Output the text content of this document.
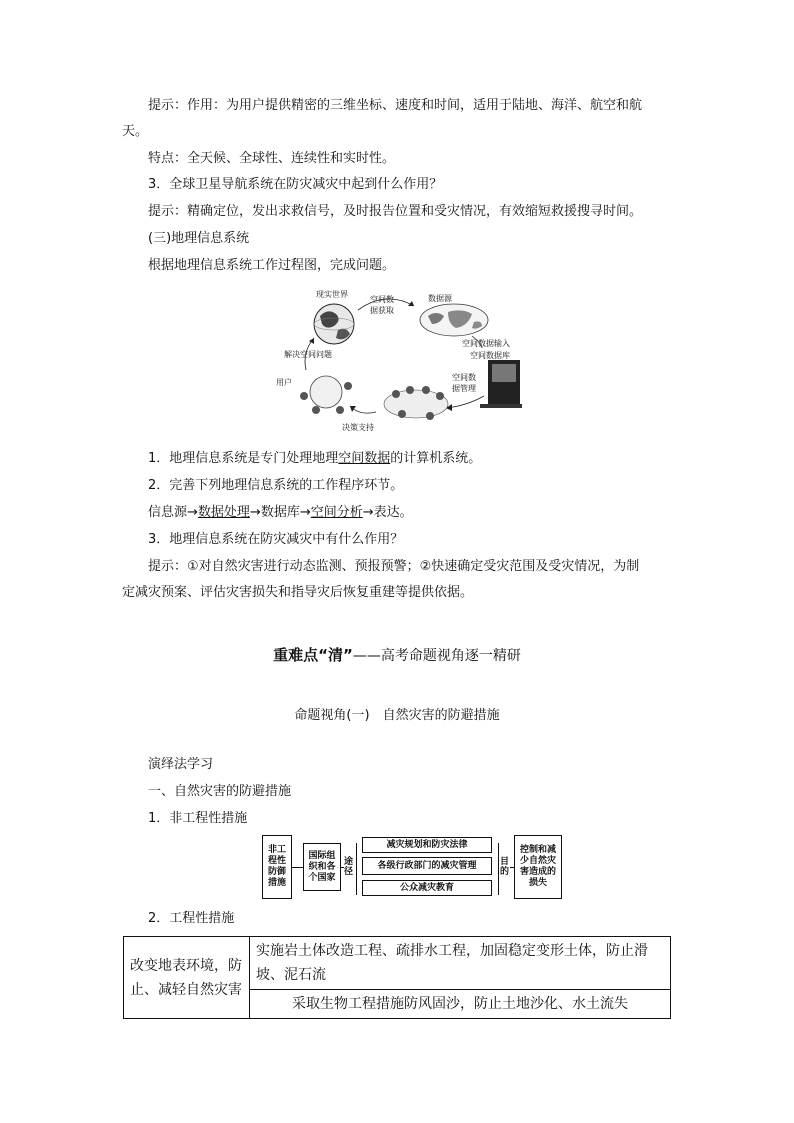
提示：作用：为用户提供精密的三维坐标、速度和时间，适用于陆地、海洋、航空和航
天。
特点：全天候、全球性、连续性和实时性。
3．全球卫星导航系统在防灾减灾中起到什么作用？
提示：精确定位，发出求救信号，及时报告位置和受灾情况，有效缩短救援搜寻时间。
(三)地理信息系统
根据地理信息系统工作过程图，完成问题。
现实世界
空间数
据获取
数据源
空间数据输入
空间数据库
空间数
据管理
决策支持
用户
解决空间问题
1．地理信息系统是专门处理地理空间数据的计算机系统。
2．完善下列地理信息系统的工作程序环节。
信息源→数据处理→数据库→空间分析→表达。
3．地理信息系统在防灾减灾中有什么作用？
提示：①对自然灾害进行动态监测、预报预警；②快速确定受灾范围及受灾情况，为制
定减灾预案、评估灾害损失和指导灾后恢复重建等提供依据。
重难点“清”——高考命题视角逐一精研
命题视角(一)　自然灾害的防避措施
演绎法学习
一、自然灾害的防避措施
1．非工程性措施
非工程性防御措施
国际组织和各个国家
途径
减灾规划和防灾法律
各级行政部门的减灾管理
公众减灾教育
目的
控制和减少自然灾害造成的损失
2．工程性措施
改变地表环境，防止、减轻自然灾害	实施岩土体改造工程、疏排水工程，加固稳定变形土体，防止滑坡、泥石流
采取生物工程措施防风固沙，防止土地沙化、水土流失
